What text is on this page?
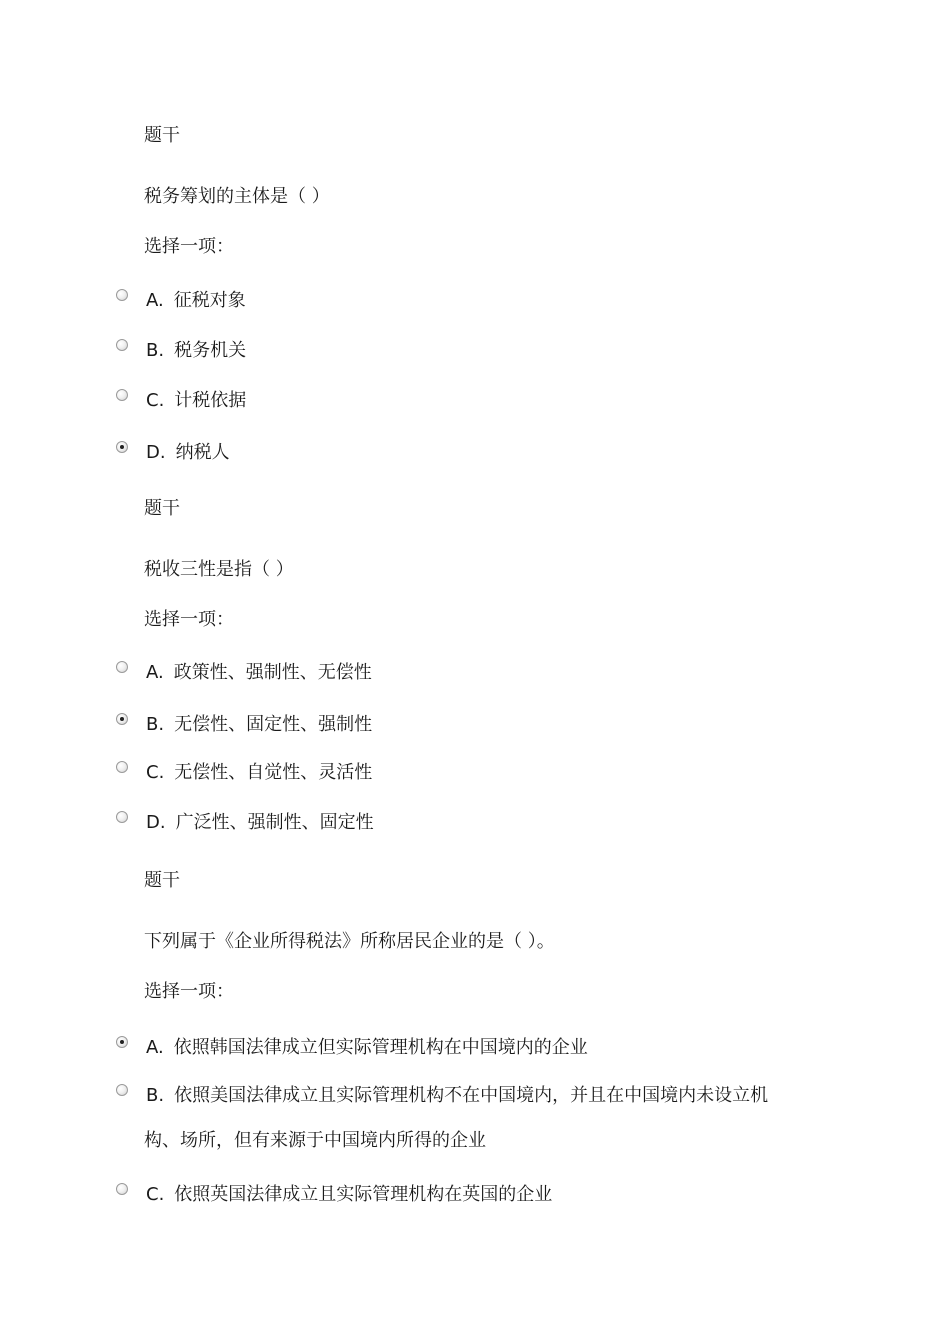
题干
税务筹划的主体是（ ）
选择一项：
A. 征税对象
B. 税务机关
C. 计税依据
D. 纳税人
题干
税收三性是指（ ）
选择一项：
A. 政策性、强制性、无偿性
B. 无偿性、固定性、强制性
C. 无偿性、自觉性、灵活性
D. 广泛性、强制性、固定性
题干
下列属于《企业所得税法》所称居民企业的是（ ）。
选择一项：
A. 依照韩国法律成立但实际管理机构在中国境内的企业
B. 依照美国法律成立且实际管理机构不在中国境内，并且在中国境内未设立机
构、场所，但有来源于中国境内所得的企业
C. 依照英国法律成立且实际管理机构在英国的企业
